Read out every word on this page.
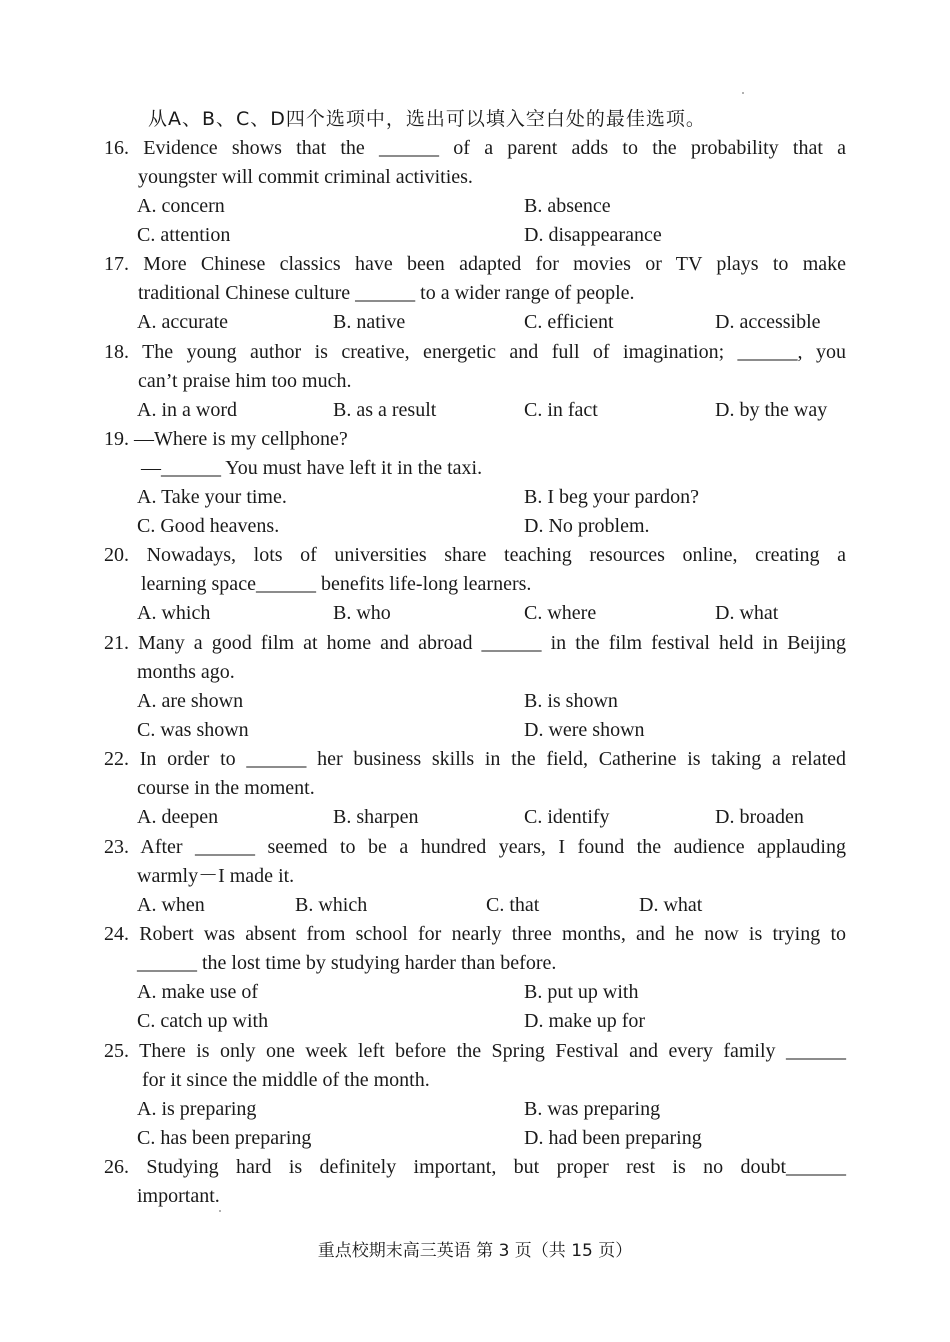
从A、B、C、D四个选项中，选出可以填入空白处的最佳选项。
16. Evidence shows that the ______ of a parent adds to the probability that a
youngster will commit criminal activities.
A. concern	B. absence
C. attention	D. disappearance
17. More Chinese classics have been adapted for movies or TV plays to make
traditional Chinese culture ______ to a wider range of people.
A. accurate	B. native	C. efficient	D. accessible
18. The young author is creative, energetic and full of imagination; ______, you
can’t praise him too much.
A. in a word	B. as a result	C. in fact	D. by the way
19. —Where is my cellphone?
—______ You must have left it in the taxi.
A. Take your time.	B. I beg your pardon?
C. Good heavens.	D. No problem.
20. Nowadays, lots of universities share teaching resources online, creating a
learning space______ benefits life-long learners.
A. which	B. who	C. where	D. what
21. Many a good film at home and abroad ______ in the film festival held in Beijing
months ago.
A. are shown	B. is shown
C. was shown	D. were shown
22. In order to ______ her business skills in the field, Catherine is taking a related
course in the moment.
A. deepen	B. sharpen	C. identify	D. broaden
23. After ______ seemed to be a hundred years, I found the audience applauding
warmly－I made it.
A. when	B. which	C. that	D. what
24. Robert was absent from school for nearly three months, and he now is trying to
______ the lost time by studying harder than before.
A. make use of	B. put up with
C. catch up with	D. make up for
25. There is only one week left before the Spring Festival and every family ______
for it since the middle of the month.
A. is preparing	B. was preparing
C. has been preparing	D. had been preparing
26. Studying hard is definitely important, but proper rest is no doubt______
important.
重点校期末高三英语 第 3 页（共 15 页）
